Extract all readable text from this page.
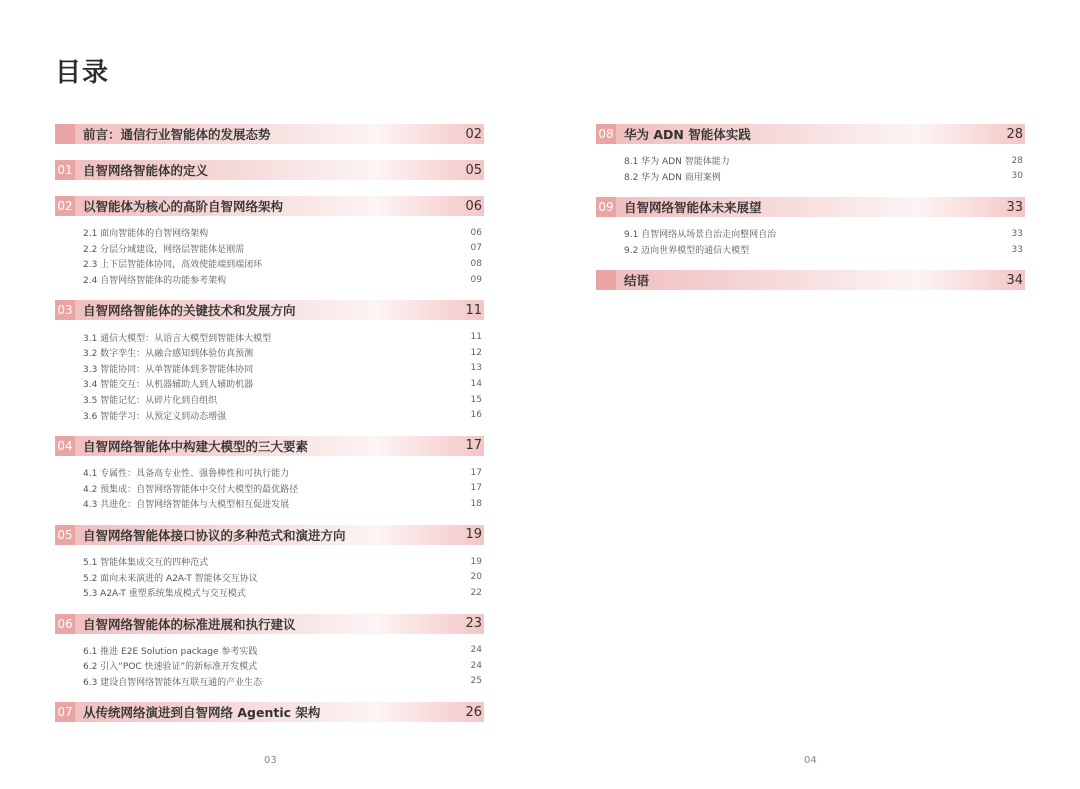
目录
前言：通信行业智能体的发展态势	02
01 自智网络智能体的定义	05
02 以智能体为核心的高阶自智网络架构	06
2.1 面向智能体的自智网络架构	06
2.2 分层分域建设，网络层智能体是刚需	07
2.3 上下层智能体协同，高效使能端到端闭环	08
2.4 自智网络智能体的功能参考架构	09
03 自智网络智能体的关键技术和发展方向	11
3.1 通信大模型：从语言大模型到智能体大模型	11
3.2 数字孪生：从融合感知到体验仿真预测	12
3.3 智能协同：从单智能体到多智能体协同	13
3.4 智能交互：从机器辅助人到人辅助机器	14
3.5 智能记忆：从碎片化到自组织	15
3.6 智能学习：从预定义到动态增强	16
04 自智网络智能体中构建大模型的三大要素	17
4.1 专属性：具备高专业性、强鲁棒性和可执行能力	17
4.2 预集成：自智网络智能体中交付大模型的最优路径	17
4.3 共进化：自智网络智能体与大模型相互促进发展	18
05 自智网络智能体接口协议的多种范式和演进方向	19
5.1 智能体集成交互的四种范式	19
5.2 面向未来演进的 A2A-T 智能体交互协议	20
5.3 A2A-T 重塑系统集成模式与交互模式	22
06 自智网络智能体的标准进展和执行建议	23
6.1 推进 E2E Solution package 参考实践	24
6.2 引入“POC 快速验证”的新标准开发模式	24
6.3 建设自智网络智能体互联互通的产业生态	25
07 从传统网络演进到自智网络 Agentic 架构	26
08 华为 ADN 智能体实践	28
8.1 华为 ADN 智能体能力	28
8.2 华为 ADN 商用案例	30
09 自智网络智能体未来展望	33
9.1 自智网络从场景自治走向整网自治	33
9.2 迈向世界模型的通信大模型	33
结语	34
03	04
